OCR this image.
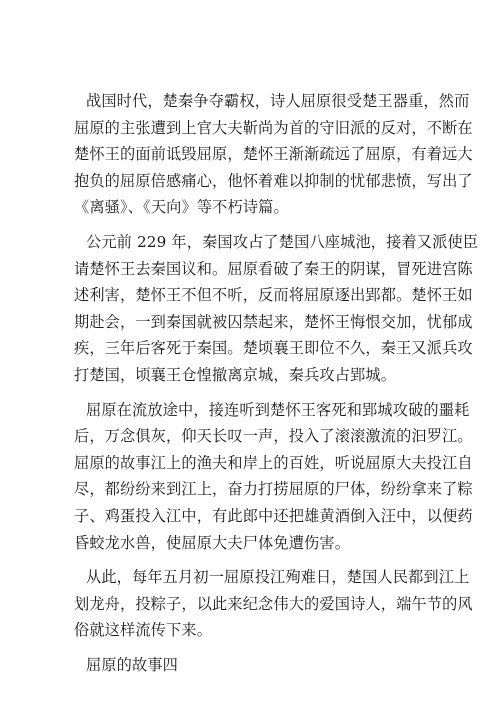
战国时代，楚秦争夺霸权，诗人屈原很受楚王器重，然而
屈原的主张遭到上官大夫靳尚为首的守旧派的反对，不断在
楚怀王的面前诋毁屈原，楚怀王渐渐疏远了屈原，有着远大
抱负的屈原倍感痛心，他怀着难以抑制的忧郁悲愤，写出了
《离骚》、《天向》等不朽诗篇。
公元前 229 年，秦国攻占了楚国八座城池，接着又派使臣
请楚怀王去秦国议和。屈原看破了秦王的阴谋，冒死进宫陈
述利害，楚怀王不但不听，反而将屈原逐出郢都。楚怀王如
期赴会，一到秦国就被囚禁起来，楚怀王悔恨交加，忧郁成
疾，三年后客死于秦国。楚顷襄王即位不久，秦王又派兵攻
打楚国，顷襄王仓惶撤离京城，秦兵攻占郢城。
屈原在流放途中，接连听到楚怀王客死和郢城攻破的噩耗
后，万念俱灰，仰天长叹一声，投入了滚滚激流的汩罗江。
屈原的故事江上的渔夫和岸上的百姓，听说屈原大夫投江自
尽，都纷纷来到江上，奋力打捞屈原的尸体，纷纷拿来了粽
子、鸡蛋投入江中，有此郎中还把雄黄酒倒入汪中，以便药
昏蛟龙水兽，使屈原大夫尸体免遭伤害。
从此，每年五月初一屈原投江殉难日，楚国人民都到江上
划龙舟，投粽子，以此来纪念伟大的爱国诗人，端午节的风
俗就这样流传下来。
屈原的故事四
